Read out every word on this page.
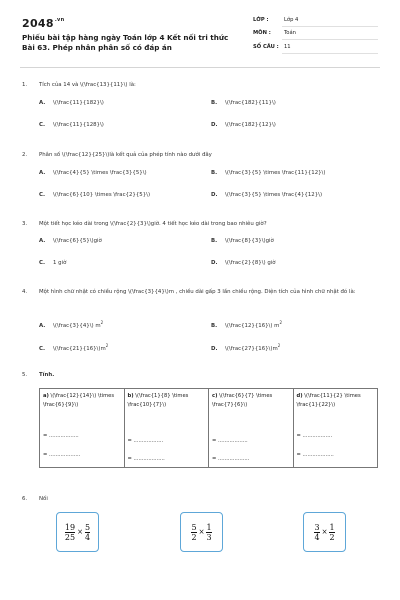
$2048^{.vn}$
Phiếu bài tập hàng ngày Toán lớp 4 Kết nối tri thức Bài 63. Phép nhân phân số có đáp án
LỚP :	Lớp 4
MÔN :	Toán
SỐ CÂU : 11
1. Tích của 14 và \(\frac{13}{11}\) là:
A. \(\frac{11}{182}\)	B. \(\frac{182}{11}\)
C. \(\frac{11}{128}\)	D. \(\frac{182}{12}\)
2. Phân số \(\frac{12}{25}\)là kết quả của phép tính nào dưới đây
A. \(\frac{4}{5} \times \frac{3}{5}\)	B. \(\frac{3}{5} \times \frac{11}{12}\)
C. \(\frac{6}{10} \times \frac{2}{5}\)	D. \(\frac{3}{5} \times \frac{4}{12}\)
3. Một tiết học kéo dài trong \(\frac{2}{3}\)giờ. 4 tiết học kéo dài trong bao nhiêu giờ?
A. \(\frac{6}{5}\)giờ	B. \(\frac{8}{3}\)giờ
C. 1 giờ	D. \(\frac{2}{8}\) giờ
4. Một hình chữ nhật có chiều rộng \(\frac{3}{4}\)m , chiều dài gấp 3 lần chiều rộng. Diện tích của hình chữ nhật đó là:
A. \(\frac{3}{4}\) $m^2$
B. \(\frac{12}{16}\) $m^2$
C. $\backslash(\backslash frac\{21\}\{16\}\backslash)m^2$
D. $\backslash(\backslash frac\{27\}\{16\}\backslash)m^2$
5. Tính.
a) \(\frac{12}{14}\) \times \frac{6}{9}\)
= ..................
= ...................
b) \(\frac{1}{8} \times \frac{10}{7}\)
= ..................
= ...................
c) \(\frac{6}{7} \times \frac{7}{6}\)
= ..................
= ...................
d) \(\frac{11}{2} \times \frac{1}{22}\)
= ..................
= ...................
6. Nối
$\frac{19}{25} \times \frac{5}{4}$	$\frac{5}{2} \times \frac{1}{3}$	$\frac{3}{4} \times \frac{1}{2}$
